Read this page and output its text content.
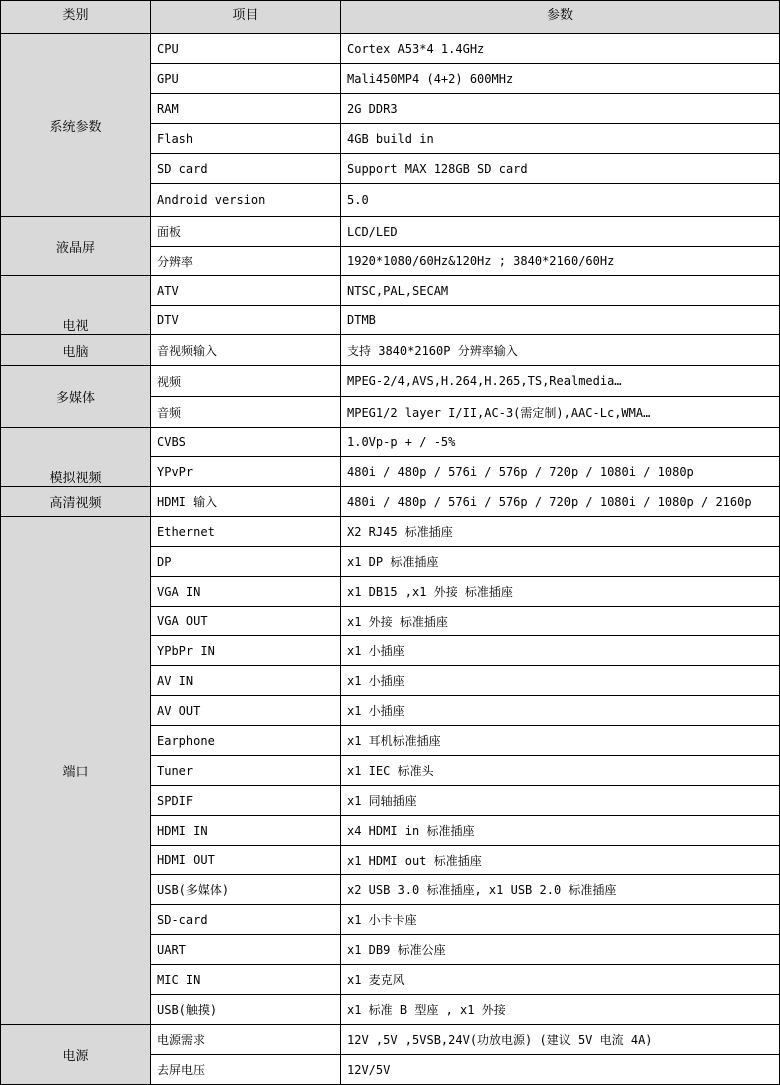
类别	项目	参数
系统参数	CPU	Cortex A53*4 1.4GHz
	GPU	Mali450MP4 (4+2) 600MHz
	RAM	2G DDR3
	Flash	4GB build in
	SD card	Support MAX 128GB SD card
	Android version	5.0
液晶屏	面板	LCD/LED
	分辨率	1920*1080/60Hz&120Hz ; 3840*2160/60Hz
电视	ATV	NTSC,PAL,SECAM
	DTV	DTMB
电脑	音视频输入	支持 3840*2160P 分辨率输入
多媒体	视频	MPEG-2/4,AVS,H.264,H.265,TS,Realmedia…
	音频	MPEG1/2 layer I/II,AC-3(需定制),AAC-Lc,WMA…
模拟视频	CVBS	1.0Vp-p + / -5%
	YPvPr	480i / 480p / 576i / 576p / 720p / 1080i / 1080p
高清视频	HDMI 输入	480i / 480p / 576i / 576p / 720p / 1080i / 1080p / 2160p
端口	Ethernet	X2 RJ45 标准插座
	DP	x1 DP 标准插座
	VGA IN	x1 DB15 ,x1 外接 标准插座
	VGA OUT	x1 外接 标准插座
	YPbPr IN	x1 小插座
	AV IN	x1 小插座
	AV OUT	x1 小插座
	Earphone	x1 耳机标准插座
	Tuner	x1 IEC 标准头
	SPDIF	x1 同轴插座
	HDMI IN	x4 HDMI in 标准插座
	HDMI OUT	x1 HDMI out 标准插座
	USB(多媒体)	x2 USB 3.0 标准插座, x1 USB 2.0 标准插座
	SD-card	x1 小卡卡座
	UART	x1 DB9 标准公座
	MIC IN	x1 麦克风
	USB(触摸)	x1 标准 B 型座 , x1 外接
电源	电源需求	12V ,5V ,5VSB,24V(功放电源) (建议 5V 电流 4A)
	去屏电压	12V/5V
